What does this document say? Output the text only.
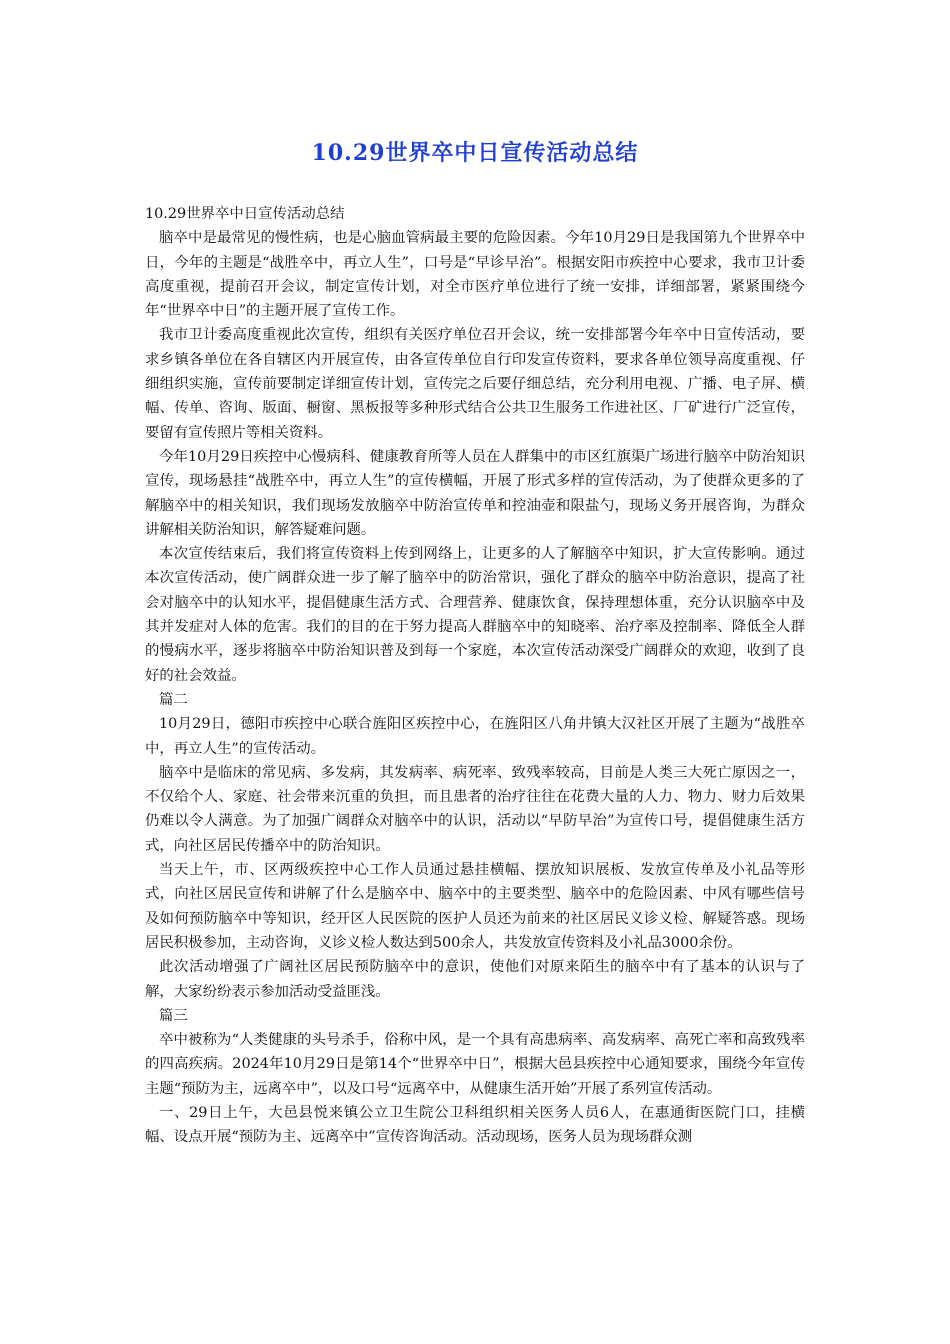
10.29世界卒中日宣传活动总结

10.29世界卒中日宣传活动总结

脑卒中是最常见的慢性病，也是心脑血管病最主要的危险因素。今年10月29日是我国第九个世界卒中日，今年的主题是“战胜卒中，再立人生”，口号是“早诊早治”。根据安阳市疾控中心要求，我市卫计委高度重视，提前召开会议，制定宣传计划，对全市医疗单位进行了统一安排，详细部署，紧紧围绕今年“世界卒中日”的主题开展了宣传工作。

我市卫计委高度重视此次宣传，组织有关医疗单位召开会议，统一安排部署今年卒中日宣传活动，要求乡镇各单位在各自辖区内开展宣传，由各宣传单位自行印发宣传资料，要求各单位领导高度重视、仔细组织实施，宣传前要制定详细宣传计划，宣传完之后要仔细总结，充分利用电视、广播、电子屏、横幅、传单、咨询、版面、橱窗、黑板报等多种形式结合公共卫生服务工作进社区、厂矿进行广泛宣传，要留有宣传照片等相关资料。

今年10月29日疾控中心慢病科、健康教育所等人员在人群集中的市区红旗渠广场进行脑卒中防治知识宣传，现场悬挂“战胜卒中，再立人生”的宣传横幅，开展了形式多样的宣传活动，为了使群众更多的了解脑卒中的相关知识，我们现场发放脑卒中防治宣传单和控油壶和限盐勺，现场义务开展咨询，为群众讲解相关防治知识，解答疑难问题。

本次宣传结束后，我们将宣传资料上传到网络上，让更多的人了解脑卒中知识，扩大宣传影响。通过本次宣传活动，使广阔群众进一步了解了脑卒中的防治常识，强化了群众的脑卒中防治意识，提高了社会对脑卒中的认知水平，提倡健康生活方式、合理营养、健康饮食，保持理想体重，充分认识脑卒中及其并发症对人体的危害。我们的目的在于努力提高人群脑卒中的知晓率、治疗率及控制率、降低全人群的慢病水平，逐步将脑卒中防治知识普及到每一个家庭，本次宣传活动深受广阔群众的欢迎，收到了良好的社会效益。

篇二

10月29日，德阳市疾控中心联合旌阳区疾控中心，在旌阳区八角井镇大汉社区开展了主题为“战胜卒中，再立人生”的宣传活动。

脑卒中是临床的常见病、多发病，其发病率、病死率、致残率较高，目前是人类三大死亡原因之一，不仅给个人、家庭、社会带来沉重的负担，而且患者的治疗往往在花费大量的人力、物力、财力后效果仍难以令人满意。为了加强广阔群众对脑卒中的认识，活动以“早防早治”为宣传口号，提倡健康生活方式，向社区居民传播卒中的防治知识。

当天上午，市、区两级疾控中心工作人员通过悬挂横幅、摆放知识展板、发放宣传单及小礼品等形式，向社区居民宣传和讲解了什么是脑卒中、脑卒中的主要类型、脑卒中的危险因素、中风有哪些信号及如何预防脑卒中等知识，经开区人民医院的医护人员还为前来的社区居民义诊义检、解疑答惑。现场居民积极参加，主动咨询，义诊义检人数达到500余人，共发放宣传资料及小礼品3000余份。

此次活动增强了广阔社区居民预防脑卒中的意识，使他们对原来陌生的脑卒中有了基本的认识与了解，大家纷纷表示参加活动受益匪浅。

篇三

卒中被称为“人类健康的头号杀手，俗称中风，是一个具有高患病率、高发病率、高死亡率和高致残率的四高疾病。2024年10月29日是第14个“世界卒中日”，根据大邑县疾控中心通知要求，围绕今年宣传主题“预防为主，远离卒中”，以及口号“远离卒中，从健康生活开始”开展了系列宣传活动。

一、29日上午，大邑县悦来镇公立卫生院公卫科组织相关医务人员6人，在惠通街医院门口，挂横幅、设点开展“预防为主、远离卒中”宣传咨询活动。活动现场，医务人员为现场群众测
